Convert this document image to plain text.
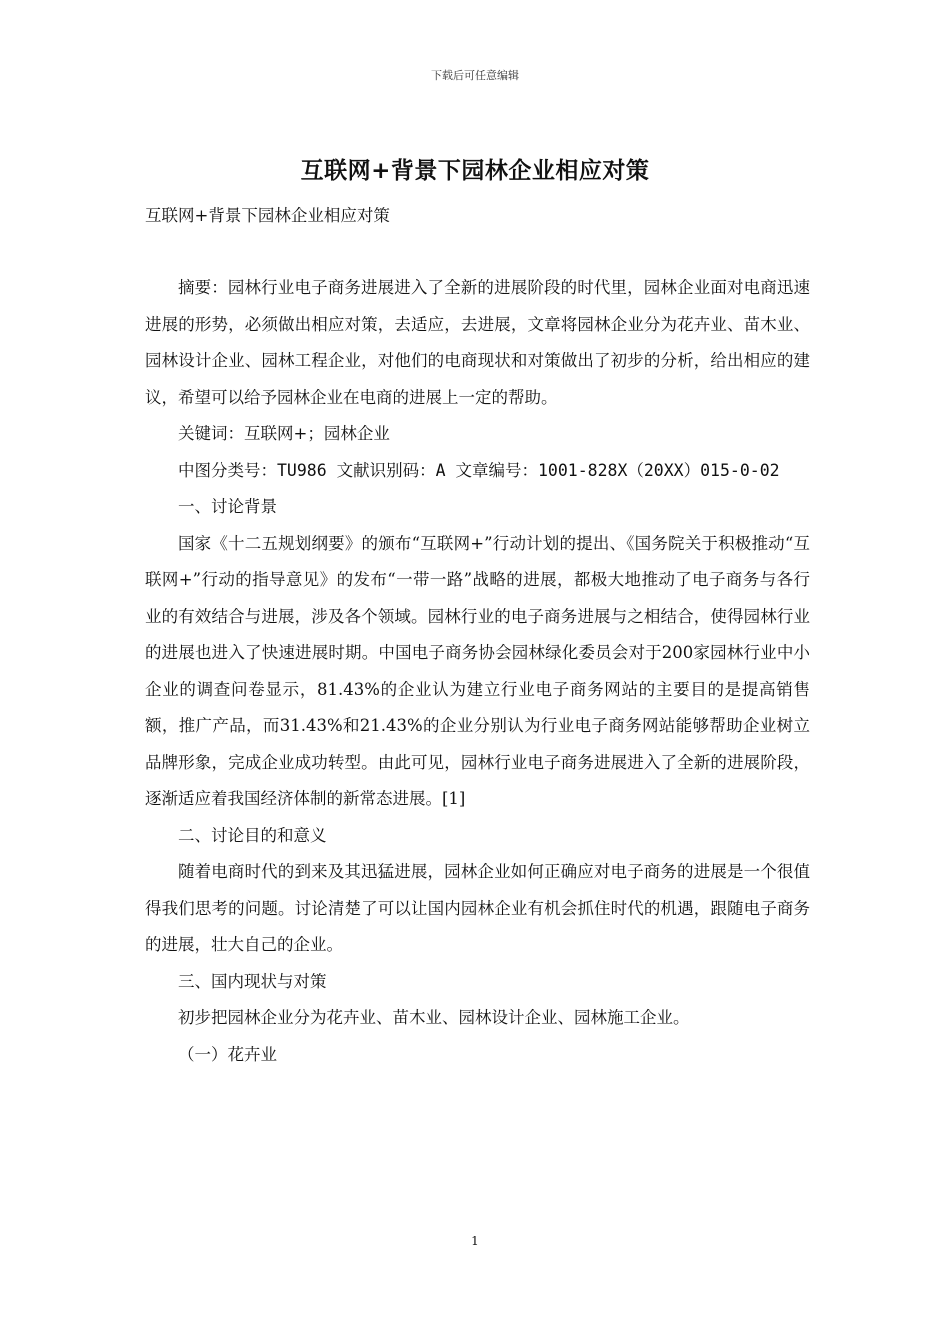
下载后可任意编辑
互联网+背景下园林企业相应对策
互联网+背景下园林企业相应对策

摘要：园林行业电子商务进展进入了全新的进展阶段的时代里，园林企业面对电商迅速进展的形势，必须做出相应对策，去适应，去进展，文章将园林企业分为花卉业、苗木业、园林设计企业、园林工程企业，对他们的电商现状和对策做出了初步的分析，给出相应的建议，希望可以给予园林企业在电商的进展上一定的帮助。

关键词：互联网+；园林企业

中图分类号：TU986 文献识别码：A 文章编号：1001-828X（20XX）015-0-02

一、讨论背景

国家《十二五规划纲要》的颁布“互联网+”行动计划的提出、《国务院关于积极推动“互联网+”行动的指导意见》的发布“一带一路”战略的进展，都极大地推动了电子商务与各行业的有效结合与进展，涉及各个领域。园林行业的电子商务进展与之相结合，使得园林行业的进展也进入了快速进展时期。中国电子商务协会园林绿化委员会对于200家园林行业中小企业的调查问卷显示，81.43%的企业认为建立行业电子商务网站的主要目的是提高销售额，推广产品，而31.43%和21.43%的企业分别认为行业电子商务网站能够帮助企业树立品牌形象，完成企业成功转型。由此可见，园林行业电子商务进展进入了全新的进展阶段，逐渐适应着我国经济体制的新常态进展。[1]

二、讨论目的和意义

随着电商时代的到来及其迅猛进展，园林企业如何正确应对电子商务的进展是一个很值得我们思考的问题。讨论清楚了可以让国内园林企业有机会抓住时代的机遇，跟随电子商务的进展，壮大自己的企业。

三、国内现状与对策

初步把园林企业分为花卉业、苗木业、园林设计企业、园林施工企业。

（一）花卉业

1
